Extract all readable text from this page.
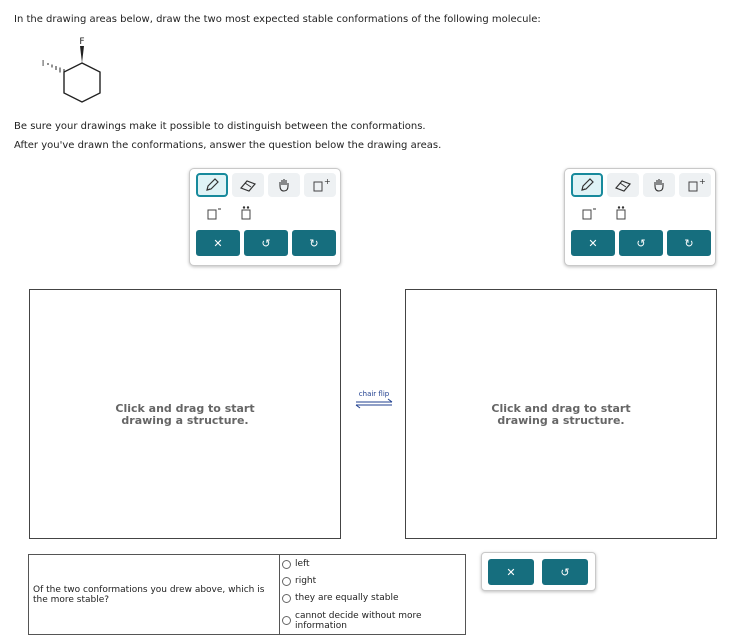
In the drawing areas below, draw the two most expected stable conformations of the following molecule:
F
I
Be sure your drawings make it possible to distinguish between the conformations.
After you've drawn the conformations, answer the question below the drawing areas.
+
✕	↺	↻
+
✕	↺	↻
Click and drag to start
drawing a structure.
chair flip
Click and drag to start
drawing a structure.
Of the two conformations you drew above, which is the more stable?
left
right
they are equally stable
cannot decide without more
information
✕	↺
